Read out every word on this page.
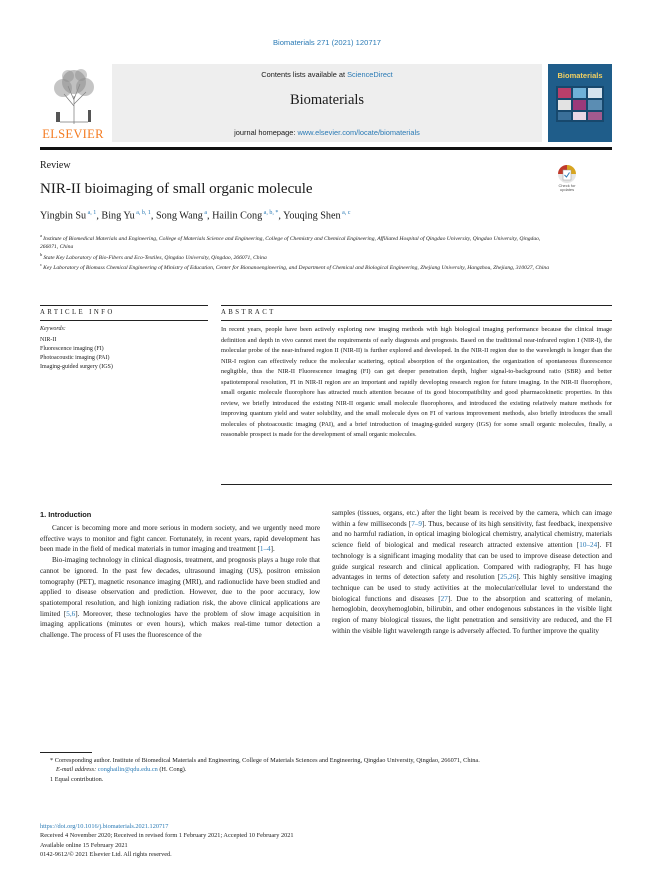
Biomaterials 271 (2021) 120717
ELSEVIER
Contents lists available at ScienceDirect
Biomaterials
journal homepage: www.elsevier.com/locate/biomaterials
Biomaterials
Review
NIR-II bioimaging of small organic molecule	Check for updates
Yingbin Su $^{a, 1}$, Bing Yu $^{a, b, 1}$, Song Wang $^a$, Hailin Cong $^{a, b, *}$, Youqing Shen $^{a, c}$
$^a$ Institute of Biomedical Materials and Engineering, College of Materials Science and Engineering, College of Chemistry and Chemical Engineering, Affiliated Hospital of Qingdao University, Qingdao University, Qingdao, 266071, China
$^b$ State Key Laboratory of Bio-Fibers and Eco-Textiles, Qingdao University, Qingdao, 266071, China
$^c$ Key Laboratory of Biomass Chemical Engineering of Ministry of Education, Center for Bionanoengineering, and Department of Chemical and Biological Engineering, Zhejiang University, Hangzhou, Zhejiang, 310027, China
ARTICLE INFO
Keywords:
NIR-II
Fluorescence imaging (FI)
Photoacoustic imaging (PAI)
Imaging-guided surgery (IGS)
ABSTRACT
In recent years, people have been actively exploring new imaging methods with high biological imaging performance because the clinical image definition and depth in vivo cannot meet the requirements of early diagnosis and prognosis. Based on the traditional near-infrared region I (NIR-I), the molecular probe of the near-infrared region II (NIR-II) is further explored and developed. In the NIR-II region due to the wavelength is longer than the NIR-I region can effectively reduce the molecular scattering, optical absorption of the organization, the organization of spontaneous fluorescence negligible, thus the NIR-II Fluorescence imaging (FI) can get deeper penetration depth, higher signal-to-background ratio (SBR) and better spatiotemporal resolution, FI in NIR-II region are an important and rapidly developing research region for future imaging. In the NIR-II fluorophore, small organic molecule fluorophore has attracted much attention because of its good biocompatibility and good pharmacokinetic properties. In this review, we briefly introduced the existing NIR-II organic small molecule fluorophores, and introduced the existing relatively mature methods for improving quantum yield and water solubility, and the small molecule dyes on FI of various improvement methods, also briefly introduces the small molecules of photoacoustic imaging (PAI), and a brief introduction of imaging-guided surgery (IGS) for some small organic molecules, finally, a reasonable prospect is made for the development of small organic molecules.
1. Introduction

Cancer is becoming more and more serious in modern society, and we urgently need more effective ways to monitor and fight cancer. Fortunately, in recent years, rapid development has been made in the field of medical materials in tumor imaging and treatment [1–4].

Bio-imaging technology in clinical diagnosis, treatment, and prognosis plays a huge role that cannot be ignored. In the past few decades, ultrasound imaging (US), positron emission tomography (PET), magnetic resonance imaging (MRI), and radionuclide have been studied and applied to disease observation and prediction. However, due to the poor accuracy, low spatiotemporal resolution, and high ionizing radiation risk, the above clinical applications are limited [5,6]. Moreover, these technologies have the problem of slow image acquisition in imaging applications (minutes or even hours), which makes real-time tumor detection a challenge. The process of FI uses the fluorescence of the

samples (tissues, organs, etc.) after the light beam is received by the camera, which can image within a few milliseconds [7–9]. Thus, because of its high sensitivity, fast feedback, inexpensive and no harmful radiation, in optical imaging biological chemistry, analytical chemistry, materials science field of biological and medical research attracted extensive attention [10–24]. FI technology is a significant imaging modality that can be used to improve disease detection and guide surgical research and clinical application. Compared with radiography, FI has huge advantages in terms of detection safety and resolution [25,26]. This highly sensitive imaging technique can be used to study activities at the molecular/cellular level to understand the biological functions and diseases [27]. Due to the absorption and scattering of melanin, hemoglobin, deoxyhemoglobin, bilirubin, and other endogenous substances in the visible light region of many biological tissues, the light penetration and sensitivity are reduced, and the FI within the visible light wavelength range is adversely affected. To further improve the quality

* Corresponding author. Institute of Biomedical Materials and Engineering, College of Materials Sciences and Engineering, Qingdao University, Qingdao, 266071, China.
E-mail address: conghailin@qdu.edu.cn (H. Cong).
1 Equal contribution.
https://doi.org/10.1016/j.biomaterials.2021.120717
Received 4 November 2020; Received in revised form 1 February 2021; Accepted 10 February 2021
Available online 15 February 2021
0142-9612/© 2021 Elsevier Ltd. All rights reserved.
